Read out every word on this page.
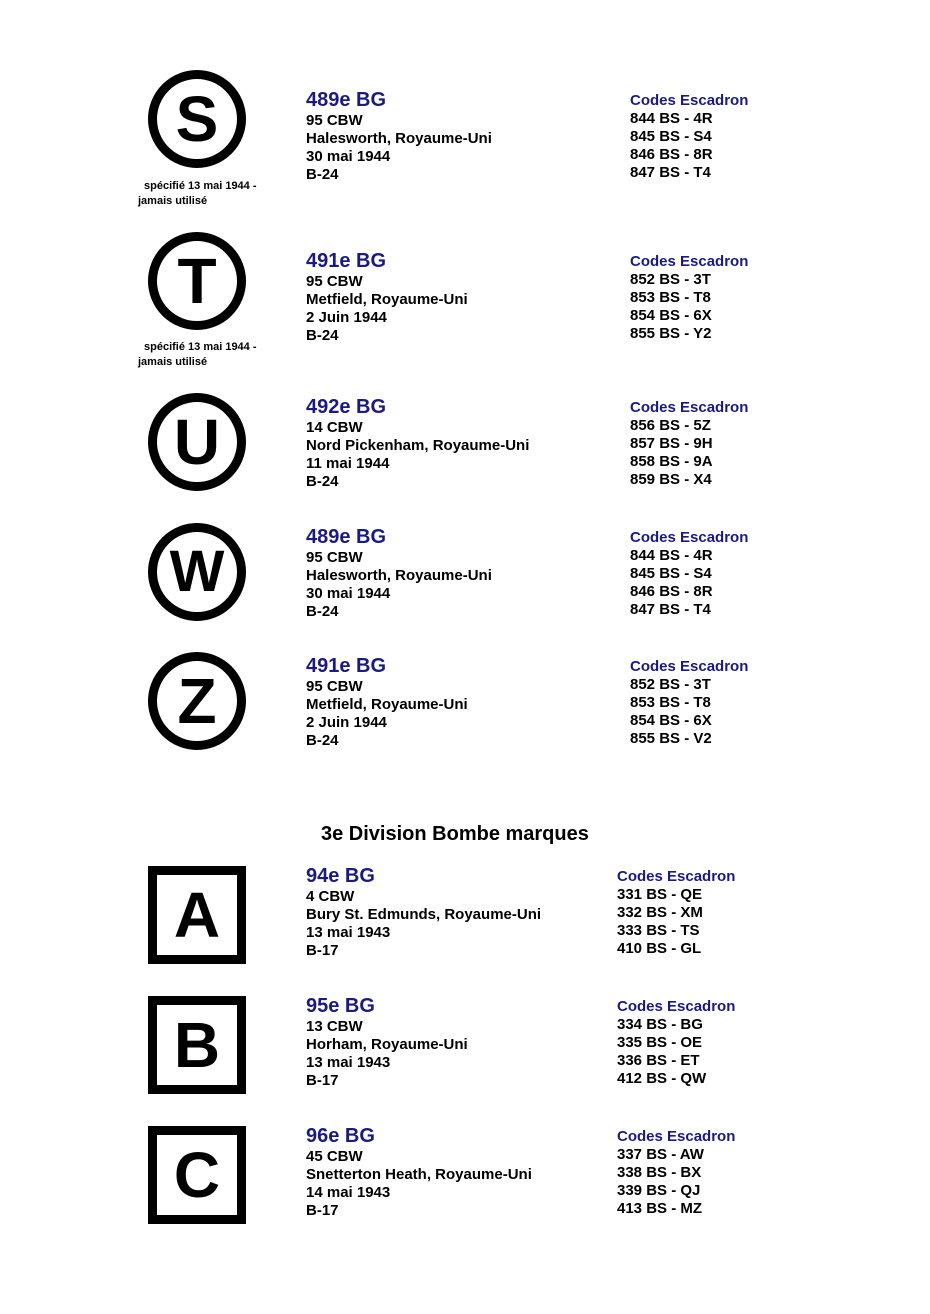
S
spécifié 13 mai 1944 -
jamais utilisé
489e BG
95 CBW
Halesworth, Royaume-Uni
30 mai 1944
B-24
Codes Escadron
844 BS - 4R
845 BS - S4
846 BS - 8R
847 BS - T4
T
spécifié 13 mai 1944 -
jamais utilisé
491e BG
95 CBW
Metfield, Royaume-Uni
2 Juin 1944
B-24
Codes Escadron
852 BS - 3T
853 BS - T8
854 BS - 6X
855 BS - Y2
U	492e BG
14 CBW
Nord Pickenham, Royaume-Uni
11 mai 1944
B-24
Codes Escadron
856 BS - 5Z
857 BS - 9H
858 BS - 9A
859 BS - X4
W
489e BG
95 CBW
Halesworth, Royaume-Uni
30 mai 1944
B-24
Codes Escadron
844 BS - 4R
845 BS - S4
846 BS - 8R
847 BS - T4
Z	491e BG
95 CBW
Metfield, Royaume-Uni
2 Juin 1944
B-24
Codes Escadron
852 BS - 3T
853 BS - T8
854 BS - 6X
855 BS - V2
3e Division Bombe marques
A
94e BG
4 CBW
Bury St. Edmunds, Royaume-Uni
13 mai 1943
B-17
Codes Escadron
331 BS - QE
332 BS - XM
333 BS - TS
410 BS - GL
B
95e BG
13 CBW
Horham, Royaume-Uni
13 mai 1943
B-17
Codes Escadron
334 BS - BG
335 BS - OE
336 BS - ET
412 BS - QW
C
96e BG
45 CBW
Snetterton Heath, Royaume-Uni
14 mai 1943
B-17
Codes Escadron
337 BS - AW
338 BS - BX
339 BS - QJ
413 BS - MZ
